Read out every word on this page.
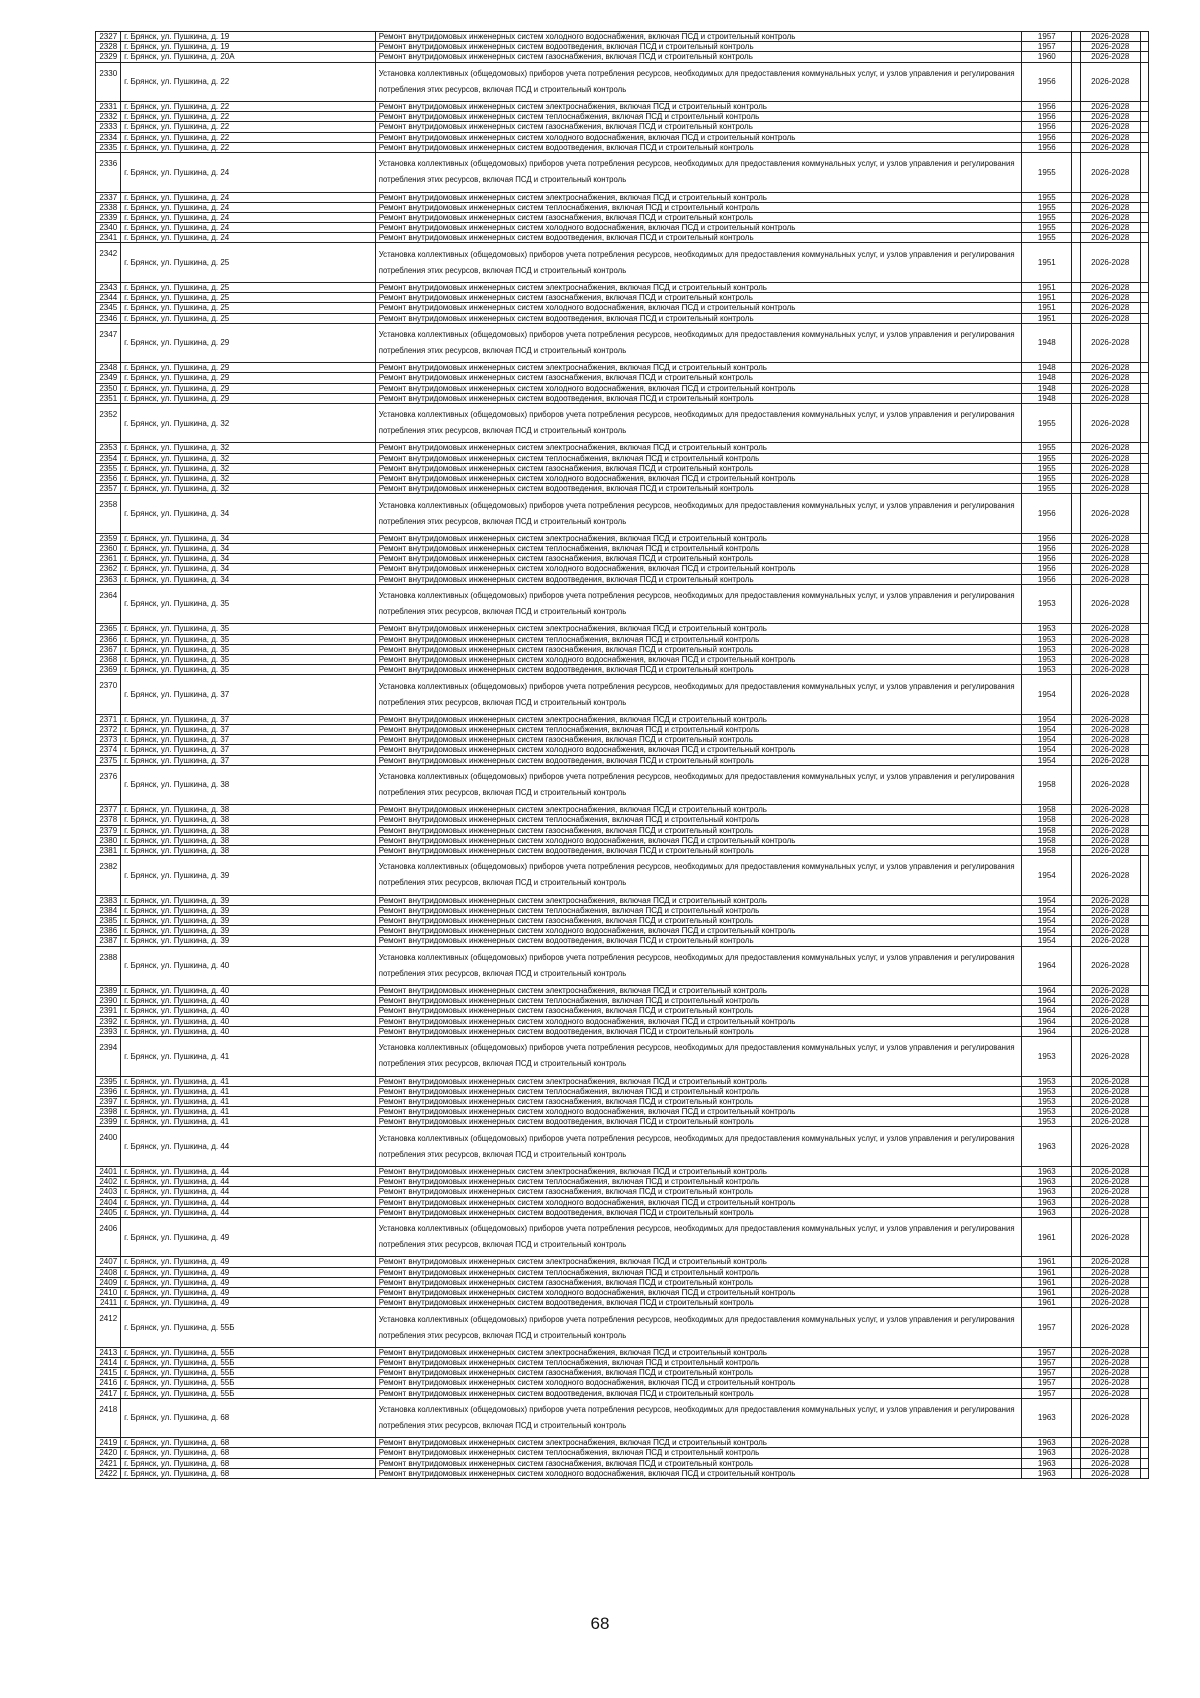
2327	г. Брянск, ул. Пушкина, д. 19	Ремонт внутридомовых инженерных систем холодного водоснабжения, включая ПСД и строительный контроль	1957		2026-2028	
2328	г. Брянск, ул. Пушкина, д. 19	Ремонт внутридомовых инженерных систем водоотведения, включая ПСД и строительный контроль	1957		2026-2028	
2329	г. Брянск, ул. Пушкина, д. 20А	Ремонт внутридомовых инженерных систем газоснабжения, включая ПСД и строительный контроль	1960		2026-2028	
2330	г. Брянск, ул. Пушкина, д. 22	Установка коллективных (общедомовых) приборов учета потребления ресурсов, необходимых для предоставления коммунальных услуг, и узлов управления и регулирования потребления этих ресурсов, включая ПСД и строительный контроль	1956		2026-2028	
2331	г. Брянск, ул. Пушкина, д. 22	Ремонт внутридомовых инженерных систем электроснабжения, включая ПСД и строительный контроль	1956		2026-2028	
2332	г. Брянск, ул. Пушкина, д. 22	Ремонт внутридомовых инженерных систем теплоснабжения, включая ПСД и строительный контроль	1956		2026-2028	
2333	г. Брянск, ул. Пушкина, д. 22	Ремонт внутридомовых инженерных систем газоснабжения, включая ПСД и строительный контроль	1956		2026-2028	
2334	г. Брянск, ул. Пушкина, д. 22	Ремонт внутридомовых инженерных систем холодного водоснабжения, включая ПСД и строительный контроль	1956		2026-2028	
2335	г. Брянск, ул. Пушкина, д. 22	Ремонт внутридомовых инженерных систем водоотведения, включая ПСД и строительный контроль	1956		2026-2028	
2336	г. Брянск, ул. Пушкина, д. 24	Установка коллективных (общедомовых) приборов учета потребления ресурсов, необходимых для предоставления коммунальных услуг, и узлов управления и регулирования потребления этих ресурсов, включая ПСД и строительный контроль	1955		2026-2028	
2337	г. Брянск, ул. Пушкина, д. 24	Ремонт внутридомовых инженерных систем электроснабжения, включая ПСД и строительный контроль	1955		2026-2028	
2338	г. Брянск, ул. Пушкина, д. 24	Ремонт внутридомовых инженерных систем теплоснабжения, включая ПСД и строительный контроль	1955		2026-2028	
2339	г. Брянск, ул. Пушкина, д. 24	Ремонт внутридомовых инженерных систем газоснабжения, включая ПСД и строительный контроль	1955		2026-2028	
2340	г. Брянск, ул. Пушкина, д. 24	Ремонт внутридомовых инженерных систем холодного водоснабжения, включая ПСД и строительный контроль	1955		2026-2028	
2341	г. Брянск, ул. Пушкина, д. 24	Ремонт внутридомовых инженерных систем водоотведения, включая ПСД и строительный контроль	1955		2026-2028	
2342	г. Брянск, ул. Пушкина, д. 25	Установка коллективных (общедомовых) приборов учета потребления ресурсов, необходимых для предоставления коммунальных услуг, и узлов управления и регулирования потребления этих ресурсов, включая ПСД и строительный контроль	1951		2026-2028	
2343	г. Брянск, ул. Пушкина, д. 25	Ремонт внутридомовых инженерных систем электроснабжения, включая ПСД и строительный контроль	1951		2026-2028	
2344	г. Брянск, ул. Пушкина, д. 25	Ремонт внутридомовых инженерных систем газоснабжения, включая ПСД и строительный контроль	1951		2026-2028	
2345	г. Брянск, ул. Пушкина, д. 25	Ремонт внутридомовых инженерных систем холодного водоснабжения, включая ПСД и строительный контроль	1951		2026-2028	
2346	г. Брянск, ул. Пушкина, д. 25	Ремонт внутридомовых инженерных систем водоотведения, включая ПСД и строительный контроль	1951		2026-2028	
2347	г. Брянск, ул. Пушкина, д. 29	Установка коллективных (общедомовых) приборов учета потребления ресурсов, необходимых для предоставления коммунальных услуг, и узлов управления и регулирования потребления этих ресурсов, включая ПСД и строительный контроль	1948		2026-2028	
2348	г. Брянск, ул. Пушкина, д. 29	Ремонт внутридомовых инженерных систем электроснабжения, включая ПСД и строительный контроль	1948		2026-2028	
2349	г. Брянск, ул. Пушкина, д. 29	Ремонт внутридомовых инженерных систем газоснабжения, включая ПСД и строительный контроль	1948		2026-2028	
2350	г. Брянск, ул. Пушкина, д. 29	Ремонт внутридомовых инженерных систем холодного водоснабжения, включая ПСД и строительный контроль	1948		2026-2028	
2351	г. Брянск, ул. Пушкина, д. 29	Ремонт внутридомовых инженерных систем водоотведения, включая ПСД и строительный контроль	1948		2026-2028	
2352	г. Брянск, ул. Пушкина, д. 32	Установка коллективных (общедомовых) приборов учета потребления ресурсов, необходимых для предоставления коммунальных услуг, и узлов управления и регулирования потребления этих ресурсов, включая ПСД и строительный контроль	1955		2026-2028	
2353	г. Брянск, ул. Пушкина, д. 32	Ремонт внутридомовых инженерных систем электроснабжения, включая ПСД и строительный контроль	1955		2026-2028	
2354	г. Брянск, ул. Пушкина, д. 32	Ремонт внутридомовых инженерных систем теплоснабжения, включая ПСД и строительный контроль	1955		2026-2028	
2355	г. Брянск, ул. Пушкина, д. 32	Ремонт внутридомовых инженерных систем газоснабжения, включая ПСД и строительный контроль	1955		2026-2028	
2356	г. Брянск, ул. Пушкина, д. 32	Ремонт внутридомовых инженерных систем холодного водоснабжения, включая ПСД и строительный контроль	1955		2026-2028	
2357	г. Брянск, ул. Пушкина, д. 32	Ремонт внутридомовых инженерных систем водоотведения, включая ПСД и строительный контроль	1955		2026-2028	
2358	г. Брянск, ул. Пушкина, д. 34	Установка коллективных (общедомовых) приборов учета потребления ресурсов, необходимых для предоставления коммунальных услуг, и узлов управления и регулирования потребления этих ресурсов, включая ПСД и строительный контроль	1956		2026-2028	
2359	г. Брянск, ул. Пушкина, д. 34	Ремонт внутридомовых инженерных систем электроснабжения, включая ПСД и строительный контроль	1956		2026-2028	
2360	г. Брянск, ул. Пушкина, д. 34	Ремонт внутридомовых инженерных систем теплоснабжения, включая ПСД и строительный контроль	1956		2026-2028	
2361	г. Брянск, ул. Пушкина, д. 34	Ремонт внутридомовых инженерных систем газоснабжения, включая ПСД и строительный контроль	1956		2026-2028	
2362	г. Брянск, ул. Пушкина, д. 34	Ремонт внутридомовых инженерных систем холодного водоснабжения, включая ПСД и строительный контроль	1956		2026-2028	
2363	г. Брянск, ул. Пушкина, д. 34	Ремонт внутридомовых инженерных систем водоотведения, включая ПСД и строительный контроль	1956		2026-2028	
2364	г. Брянск, ул. Пушкина, д. 35	Установка коллективных (общедомовых) приборов учета потребления ресурсов, необходимых для предоставления коммунальных услуг, и узлов управления и регулирования потребления этих ресурсов, включая ПСД и строительный контроль	1953		2026-2028	
2365	г. Брянск, ул. Пушкина, д. 35	Ремонт внутридомовых инженерных систем электроснабжения, включая ПСД и строительный контроль	1953		2026-2028	
2366	г. Брянск, ул. Пушкина, д. 35	Ремонт внутридомовых инженерных систем теплоснабжения, включая ПСД и строительный контроль	1953		2026-2028	
2367	г. Брянск, ул. Пушкина, д. 35	Ремонт внутридомовых инженерных систем газоснабжения, включая ПСД и строительный контроль	1953		2026-2028	
2368	г. Брянск, ул. Пушкина, д. 35	Ремонт внутридомовых инженерных систем холодного водоснабжения, включая ПСД и строительный контроль	1953		2026-2028	
2369	г. Брянск, ул. Пушкина, д. 35	Ремонт внутридомовых инженерных систем водоотведения, включая ПСД и строительный контроль	1953		2026-2028	
2370	г. Брянск, ул. Пушкина, д. 37	Установка коллективных (общедомовых) приборов учета потребления ресурсов, необходимых для предоставления коммунальных услуг, и узлов управления и регулирования потребления этих ресурсов, включая ПСД и строительный контроль	1954		2026-2028	
2371	г. Брянск, ул. Пушкина, д. 37	Ремонт внутридомовых инженерных систем электроснабжения, включая ПСД и строительный контроль	1954		2026-2028	
2372	г. Брянск, ул. Пушкина, д. 37	Ремонт внутридомовых инженерных систем теплоснабжения, включая ПСД и строительный контроль	1954		2026-2028	
2373	г. Брянск, ул. Пушкина, д. 37	Ремонт внутридомовых инженерных систем газоснабжения, включая ПСД и строительный контроль	1954		2026-2028	
2374	г. Брянск, ул. Пушкина, д. 37	Ремонт внутридомовых инженерных систем холодного водоснабжения, включая ПСД и строительный контроль	1954		2026-2028	
2375	г. Брянск, ул. Пушкина, д. 37	Ремонт внутридомовых инженерных систем водоотведения, включая ПСД и строительный контроль	1954		2026-2028	
2376	г. Брянск, ул. Пушкина, д. 38	Установка коллективных (общедомовых) приборов учета потребления ресурсов, необходимых для предоставления коммунальных услуг, и узлов управления и регулирования потребления этих ресурсов, включая ПСД и строительный контроль	1958		2026-2028	
2377	г. Брянск, ул. Пушкина, д. 38	Ремонт внутридомовых инженерных систем электроснабжения, включая ПСД и строительный контроль	1958		2026-2028	
2378	г. Брянск, ул. Пушкина, д. 38	Ремонт внутридомовых инженерных систем теплоснабжения, включая ПСД и строительный контроль	1958		2026-2028	
2379	г. Брянск, ул. Пушкина, д. 38	Ремонт внутридомовых инженерных систем газоснабжения, включая ПСД и строительный контроль	1958		2026-2028	
2380	г. Брянск, ул. Пушкина, д. 38	Ремонт внутридомовых инженерных систем холодного водоснабжения, включая ПСД и строительный контроль	1958		2026-2028	
2381	г. Брянск, ул. Пушкина, д. 38	Ремонт внутридомовых инженерных систем водоотведения, включая ПСД и строительный контроль	1958		2026-2028	
2382	г. Брянск, ул. Пушкина, д. 39	Установка коллективных (общедомовых) приборов учета потребления ресурсов, необходимых для предоставления коммунальных услуг, и узлов управления и регулирования потребления этих ресурсов, включая ПСД и строительный контроль	1954		2026-2028	
2383	г. Брянск, ул. Пушкина, д. 39	Ремонт внутридомовых инженерных систем электроснабжения, включая ПСД и строительный контроль	1954		2026-2028	
2384	г. Брянск, ул. Пушкина, д. 39	Ремонт внутридомовых инженерных систем теплоснабжения, включая ПСД и строительный контроль	1954		2026-2028	
2385	г. Брянск, ул. Пушкина, д. 39	Ремонт внутридомовых инженерных систем газоснабжения, включая ПСД и строительный контроль	1954		2026-2028	
2386	г. Брянск, ул. Пушкина, д. 39	Ремонт внутридомовых инженерных систем холодного водоснабжения, включая ПСД и строительный контроль	1954		2026-2028	
2387	г. Брянск, ул. Пушкина, д. 39	Ремонт внутридомовых инженерных систем водоотведения, включая ПСД и строительный контроль	1954		2026-2028	
2388	г. Брянск, ул. Пушкина, д. 40	Установка коллективных (общедомовых) приборов учета потребления ресурсов, необходимых для предоставления коммунальных услуг, и узлов управления и регулирования потребления этих ресурсов, включая ПСД и строительный контроль	1964		2026-2028	
2389	г. Брянск, ул. Пушкина, д. 40	Ремонт внутридомовых инженерных систем электроснабжения, включая ПСД и строительный контроль	1964		2026-2028	
2390	г. Брянск, ул. Пушкина, д. 40	Ремонт внутридомовых инженерных систем теплоснабжения, включая ПСД и строительный контроль	1964		2026-2028	
2391	г. Брянск, ул. Пушкина, д. 40	Ремонт внутридомовых инженерных систем газоснабжения, включая ПСД и строительный контроль	1964		2026-2028	
2392	г. Брянск, ул. Пушкина, д. 40	Ремонт внутридомовых инженерных систем холодного водоснабжения, включая ПСД и строительный контроль	1964		2026-2028	
2393	г. Брянск, ул. Пушкина, д. 40	Ремонт внутридомовых инженерных систем водоотведения, включая ПСД и строительный контроль	1964		2026-2028	
2394	г. Брянск, ул. Пушкина, д. 41	Установка коллективных (общедомовых) приборов учета потребления ресурсов, необходимых для предоставления коммунальных услуг, и узлов управления и регулирования потребления этих ресурсов, включая ПСД и строительный контроль	1953		2026-2028	
2395	г. Брянск, ул. Пушкина, д. 41	Ремонт внутридомовых инженерных систем электроснабжения, включая ПСД и строительный контроль	1953		2026-2028	
2396	г. Брянск, ул. Пушкина, д. 41	Ремонт внутридомовых инженерных систем теплоснабжения, включая ПСД и строительный контроль	1953		2026-2028	
2397	г. Брянск, ул. Пушкина, д. 41	Ремонт внутридомовых инженерных систем газоснабжения, включая ПСД и строительный контроль	1953		2026-2028	
2398	г. Брянск, ул. Пушкина, д. 41	Ремонт внутридомовых инженерных систем холодного водоснабжения, включая ПСД и строительный контроль	1953		2026-2028	
2399	г. Брянск, ул. Пушкина, д. 41	Ремонт внутридомовых инженерных систем водоотведения, включая ПСД и строительный контроль	1953		2026-2028	
2400	г. Брянск, ул. Пушкина, д. 44	Установка коллективных (общедомовых) приборов учета потребления ресурсов, необходимых для предоставления коммунальных услуг, и узлов управления и регулирования потребления этих ресурсов, включая ПСД и строительный контроль	1963		2026-2028	
2401	г. Брянск, ул. Пушкина, д. 44	Ремонт внутридомовых инженерных систем электроснабжения, включая ПСД и строительный контроль	1963		2026-2028	
2402	г. Брянск, ул. Пушкина, д. 44	Ремонт внутридомовых инженерных систем теплоснабжения, включая ПСД и строительный контроль	1963		2026-2028	
2403	г. Брянск, ул. Пушкина, д. 44	Ремонт внутридомовых инженерных систем газоснабжения, включая ПСД и строительный контроль	1963		2026-2028	
2404	г. Брянск, ул. Пушкина, д. 44	Ремонт внутридомовых инженерных систем холодного водоснабжения, включая ПСД и строительный контроль	1963		2026-2028	
2405	г. Брянск, ул. Пушкина, д. 44	Ремонт внутридомовых инженерных систем водоотведения, включая ПСД и строительный контроль	1963		2026-2028	
2406	г. Брянск, ул. Пушкина, д. 49	Установка коллективных (общедомовых) приборов учета потребления ресурсов, необходимых для предоставления коммунальных услуг, и узлов управления и регулирования потребления этих ресурсов, включая ПСД и строительный контроль	1961		2026-2028	
2407	г. Брянск, ул. Пушкина, д. 49	Ремонт внутридомовых инженерных систем электроснабжения, включая ПСД и строительный контроль	1961		2026-2028	
2408	г. Брянск, ул. Пушкина, д. 49	Ремонт внутридомовых инженерных систем теплоснабжения, включая ПСД и строительный контроль	1961		2026-2028	
2409	г. Брянск, ул. Пушкина, д. 49	Ремонт внутридомовых инженерных систем газоснабжения, включая ПСД и строительный контроль	1961		2026-2028	
2410	г. Брянск, ул. Пушкина, д. 49	Ремонт внутридомовых инженерных систем холодного водоснабжения, включая ПСД и строительный контроль	1961		2026-2028	
2411	г. Брянск, ул. Пушкина, д. 49	Ремонт внутридомовых инженерных систем водоотведения, включая ПСД и строительный контроль	1961		2026-2028	
2412	г. Брянск, ул. Пушкина, д. 55Б	Установка коллективных (общедомовых) приборов учета потребления ресурсов, необходимых для предоставления коммунальных услуг, и узлов управления и регулирования потребления этих ресурсов, включая ПСД и строительный контроль	1957		2026-2028	
2413	г. Брянск, ул. Пушкина, д. 55Б	Ремонт внутридомовых инженерных систем электроснабжения, включая ПСД и строительный контроль	1957		2026-2028	
2414	г. Брянск, ул. Пушкина, д. 55Б	Ремонт внутридомовых инженерных систем теплоснабжения, включая ПСД и строительный контроль	1957		2026-2028	
2415	г. Брянск, ул. Пушкина, д. 55Б	Ремонт внутридомовых инженерных систем газоснабжения, включая ПСД и строительный контроль	1957		2026-2028	
2416	г. Брянск, ул. Пушкина, д. 55Б	Ремонт внутридомовых инженерных систем холодного водоснабжения, включая ПСД и строительный контроль	1957		2026-2028	
2417	г. Брянск, ул. Пушкина, д. 55Б	Ремонт внутридомовых инженерных систем водоотведения, включая ПСД и строительный контроль	1957		2026-2028	
2418	г. Брянск, ул. Пушкина, д. 68	Установка коллективных (общедомовых) приборов учета потребления ресурсов, необходимых для предоставления коммунальных услуг, и узлов управления и регулирования потребления этих ресурсов, включая ПСД и строительный контроль	1963		2026-2028	
2419	г. Брянск, ул. Пушкина, д. 68	Ремонт внутридомовых инженерных систем электроснабжения, включая ПСД и строительный контроль	1963		2026-2028	
2420	г. Брянск, ул. Пушкина, д. 68	Ремонт внутридомовых инженерных систем теплоснабжения, включая ПСД и строительный контроль	1963		2026-2028	
2421	г. Брянск, ул. Пушкина, д. 68	Ремонт внутридомовых инженерных систем газоснабжения, включая ПСД и строительный контроль	1963		2026-2028	
2422	г. Брянск, ул. Пушкина, д. 68	Ремонт внутридомовых инженерных систем холодного водоснабжения, включая ПСД и строительный контроль	1963		2026-2028	
68
